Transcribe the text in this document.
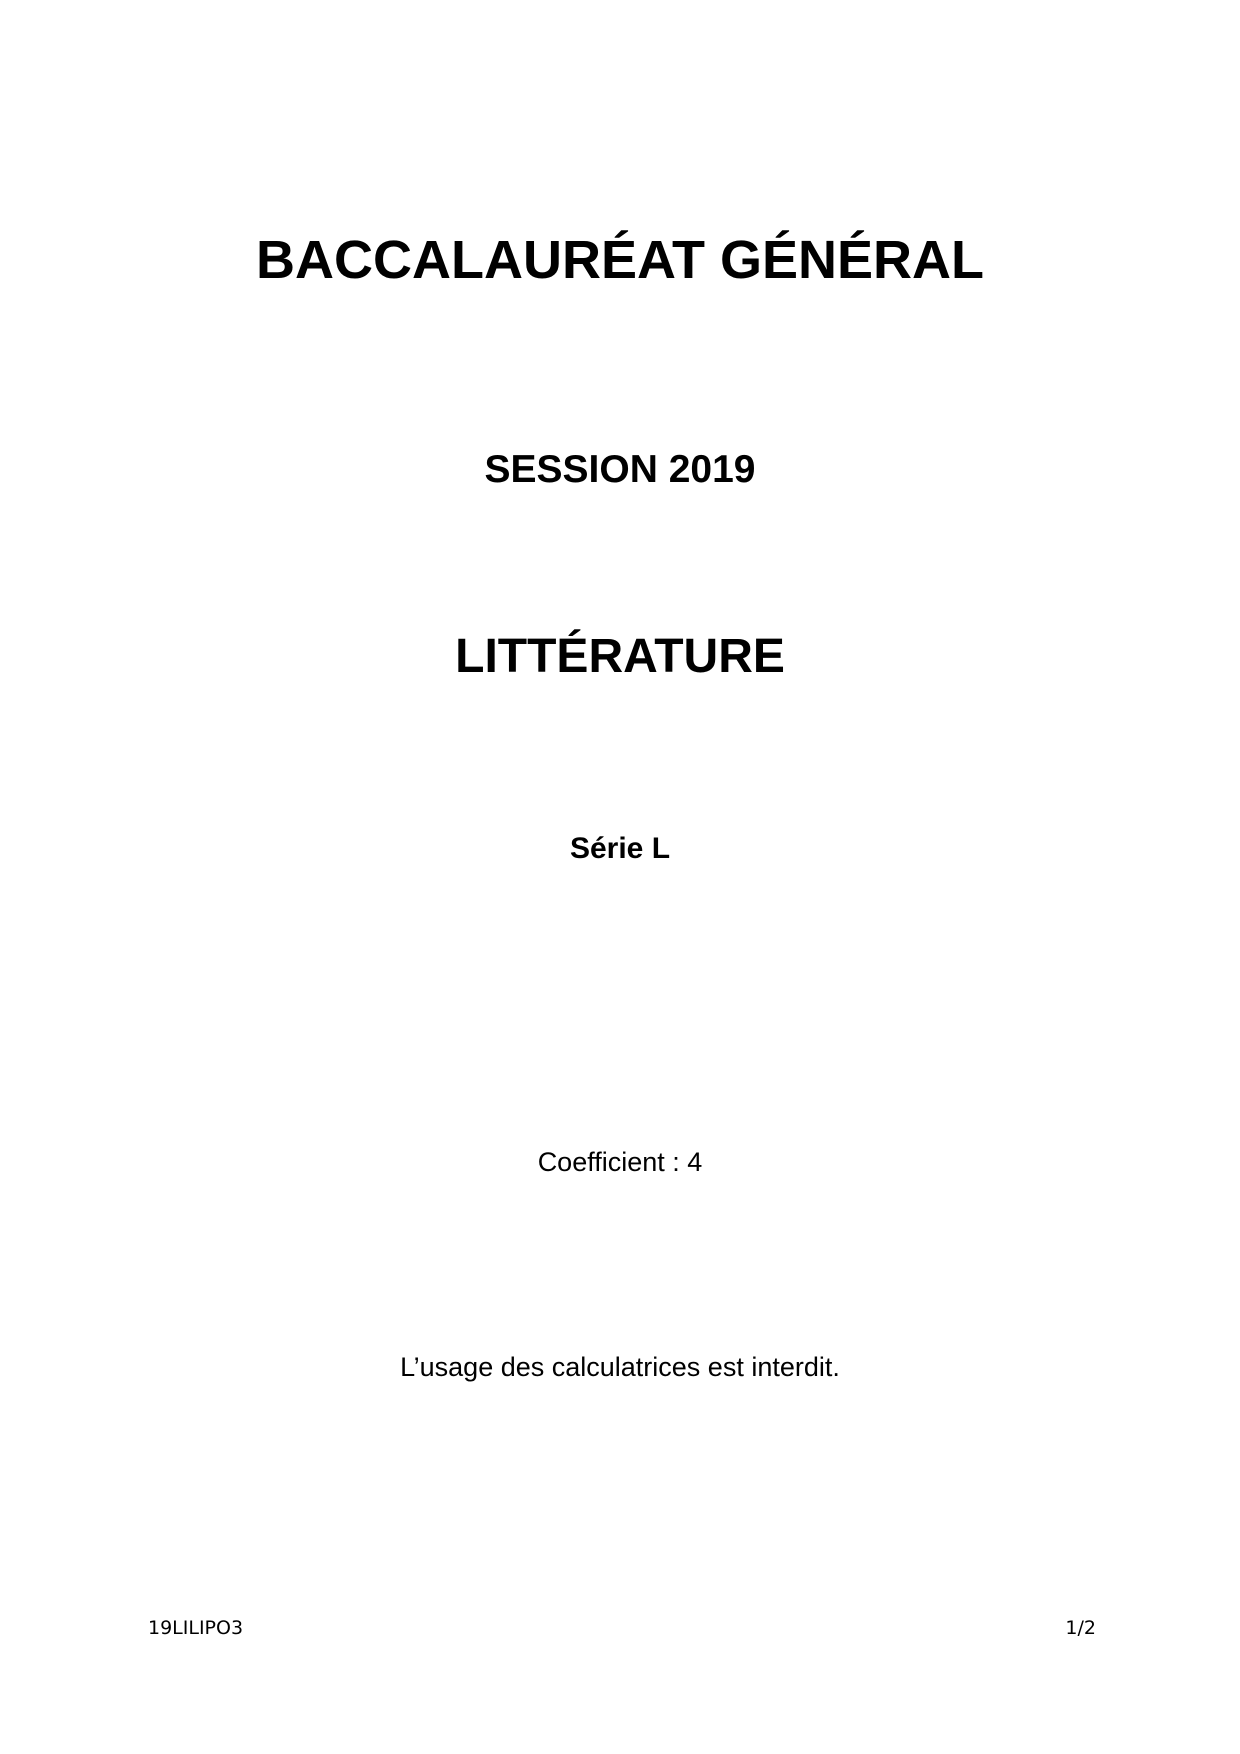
BACCALAURÉAT GÉNÉRAL
SESSION 2019
LITTÉRATURE
Série L
Coefficient : 4
L’usage des calculatrices est interdit.
19LILIPO3	1/2
